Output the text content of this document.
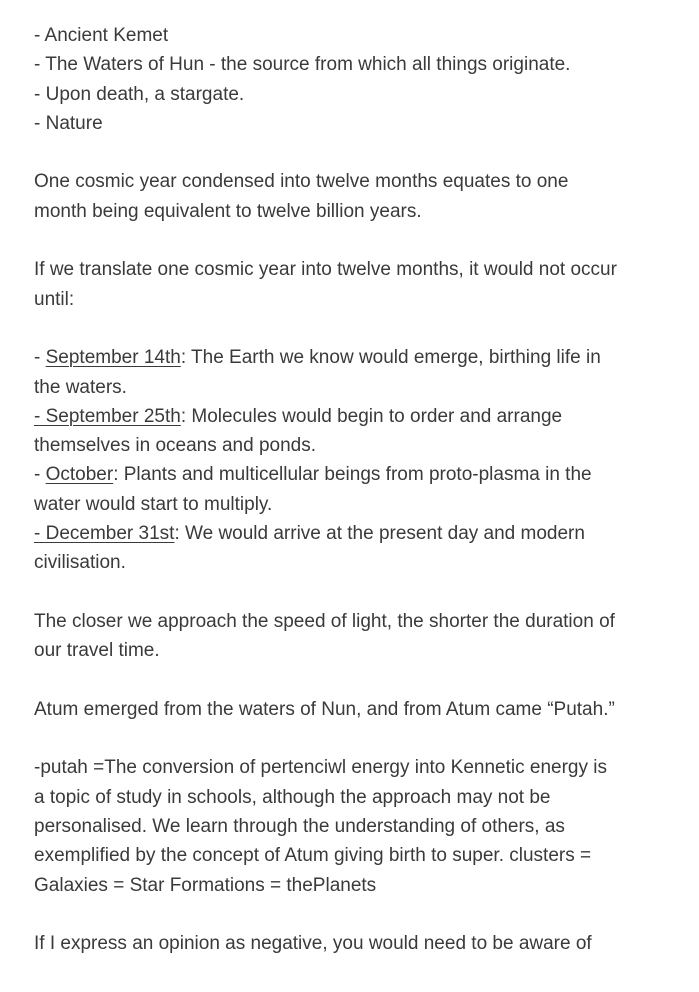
- Ancient Kemet

- The Waters of Hun - the source from which all things originate.

- Upon death, a stargate.

- Nature

One cosmic year condensed into twelve months equates to one

month being equivalent to twelve billion years.

If we translate one cosmic year into twelve months, it would not occur

until:

- September 14th: The Earth we know would emerge, birthing life in

the waters.

- September 25th: Molecules would begin to order and arrange

themselves in oceans and ponds.

- October: Plants and multicellular beings from proto-plasma in the

water would start to multiply.

- December 31st: We would arrive at the present day and modern

civilisation.

The closer we approach the speed of light, the shorter the duration of

our travel time.

Atum emerged from the waters of Nun, and from Atum came “Putah.”

-putah =The conversion of pertenciwl energy into Kennetic energy is

a topic of study in schools, although the approach may not be

personalised. We learn through the understanding of others, as

exemplified by the concept of Atum giving birth to super. clusters =

Galaxies = Star Formations = thePlanets

If I express an opinion as negative, you would need to be aware of
